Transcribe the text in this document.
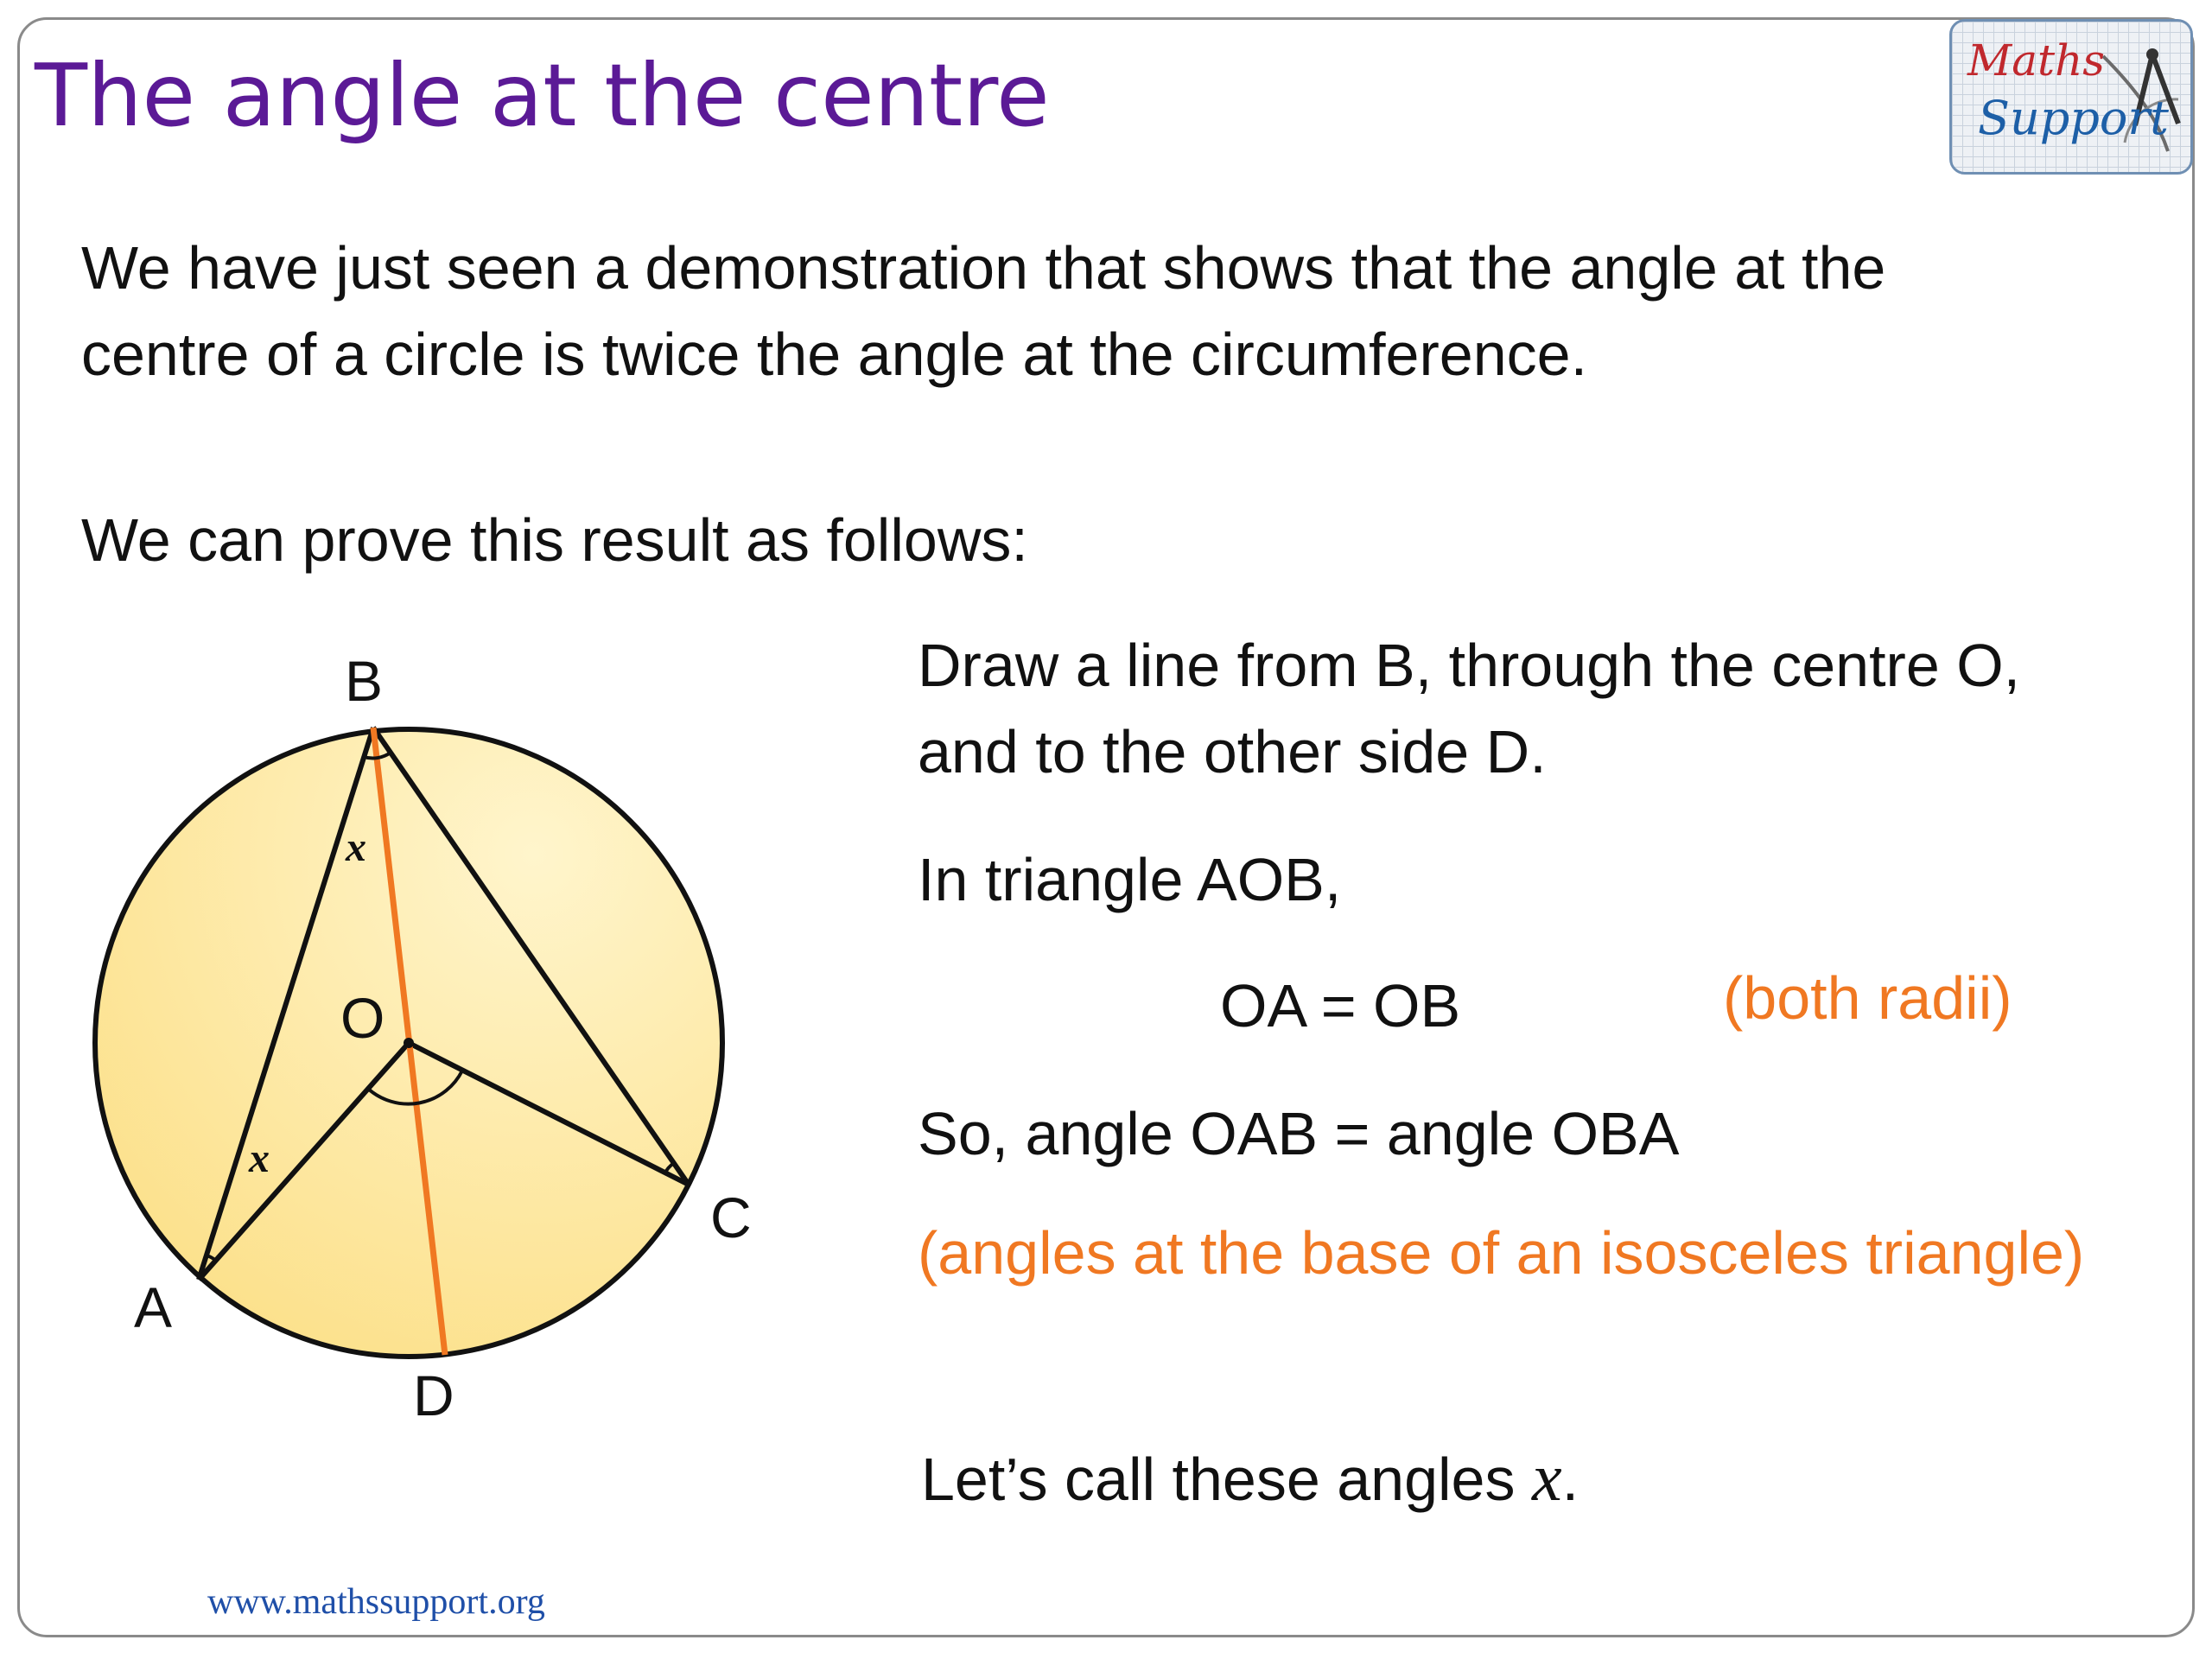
The angle at the centre	Maths
Support
We have just seen a demonstration that shows that the angle at the
centre of a circle is twice the angle at the circumference.
We can prove this result as follows:
Draw a line from B, through the centre O,
and to the other side D.
In triangle AOB,
OA = OB	(both radii)
So, angle OAB = angle OBA
(angles at the base of an isosceles triangle)
Let’s call these angles x.
B
O
A
C
D
x
x
www.mathssupport.org
